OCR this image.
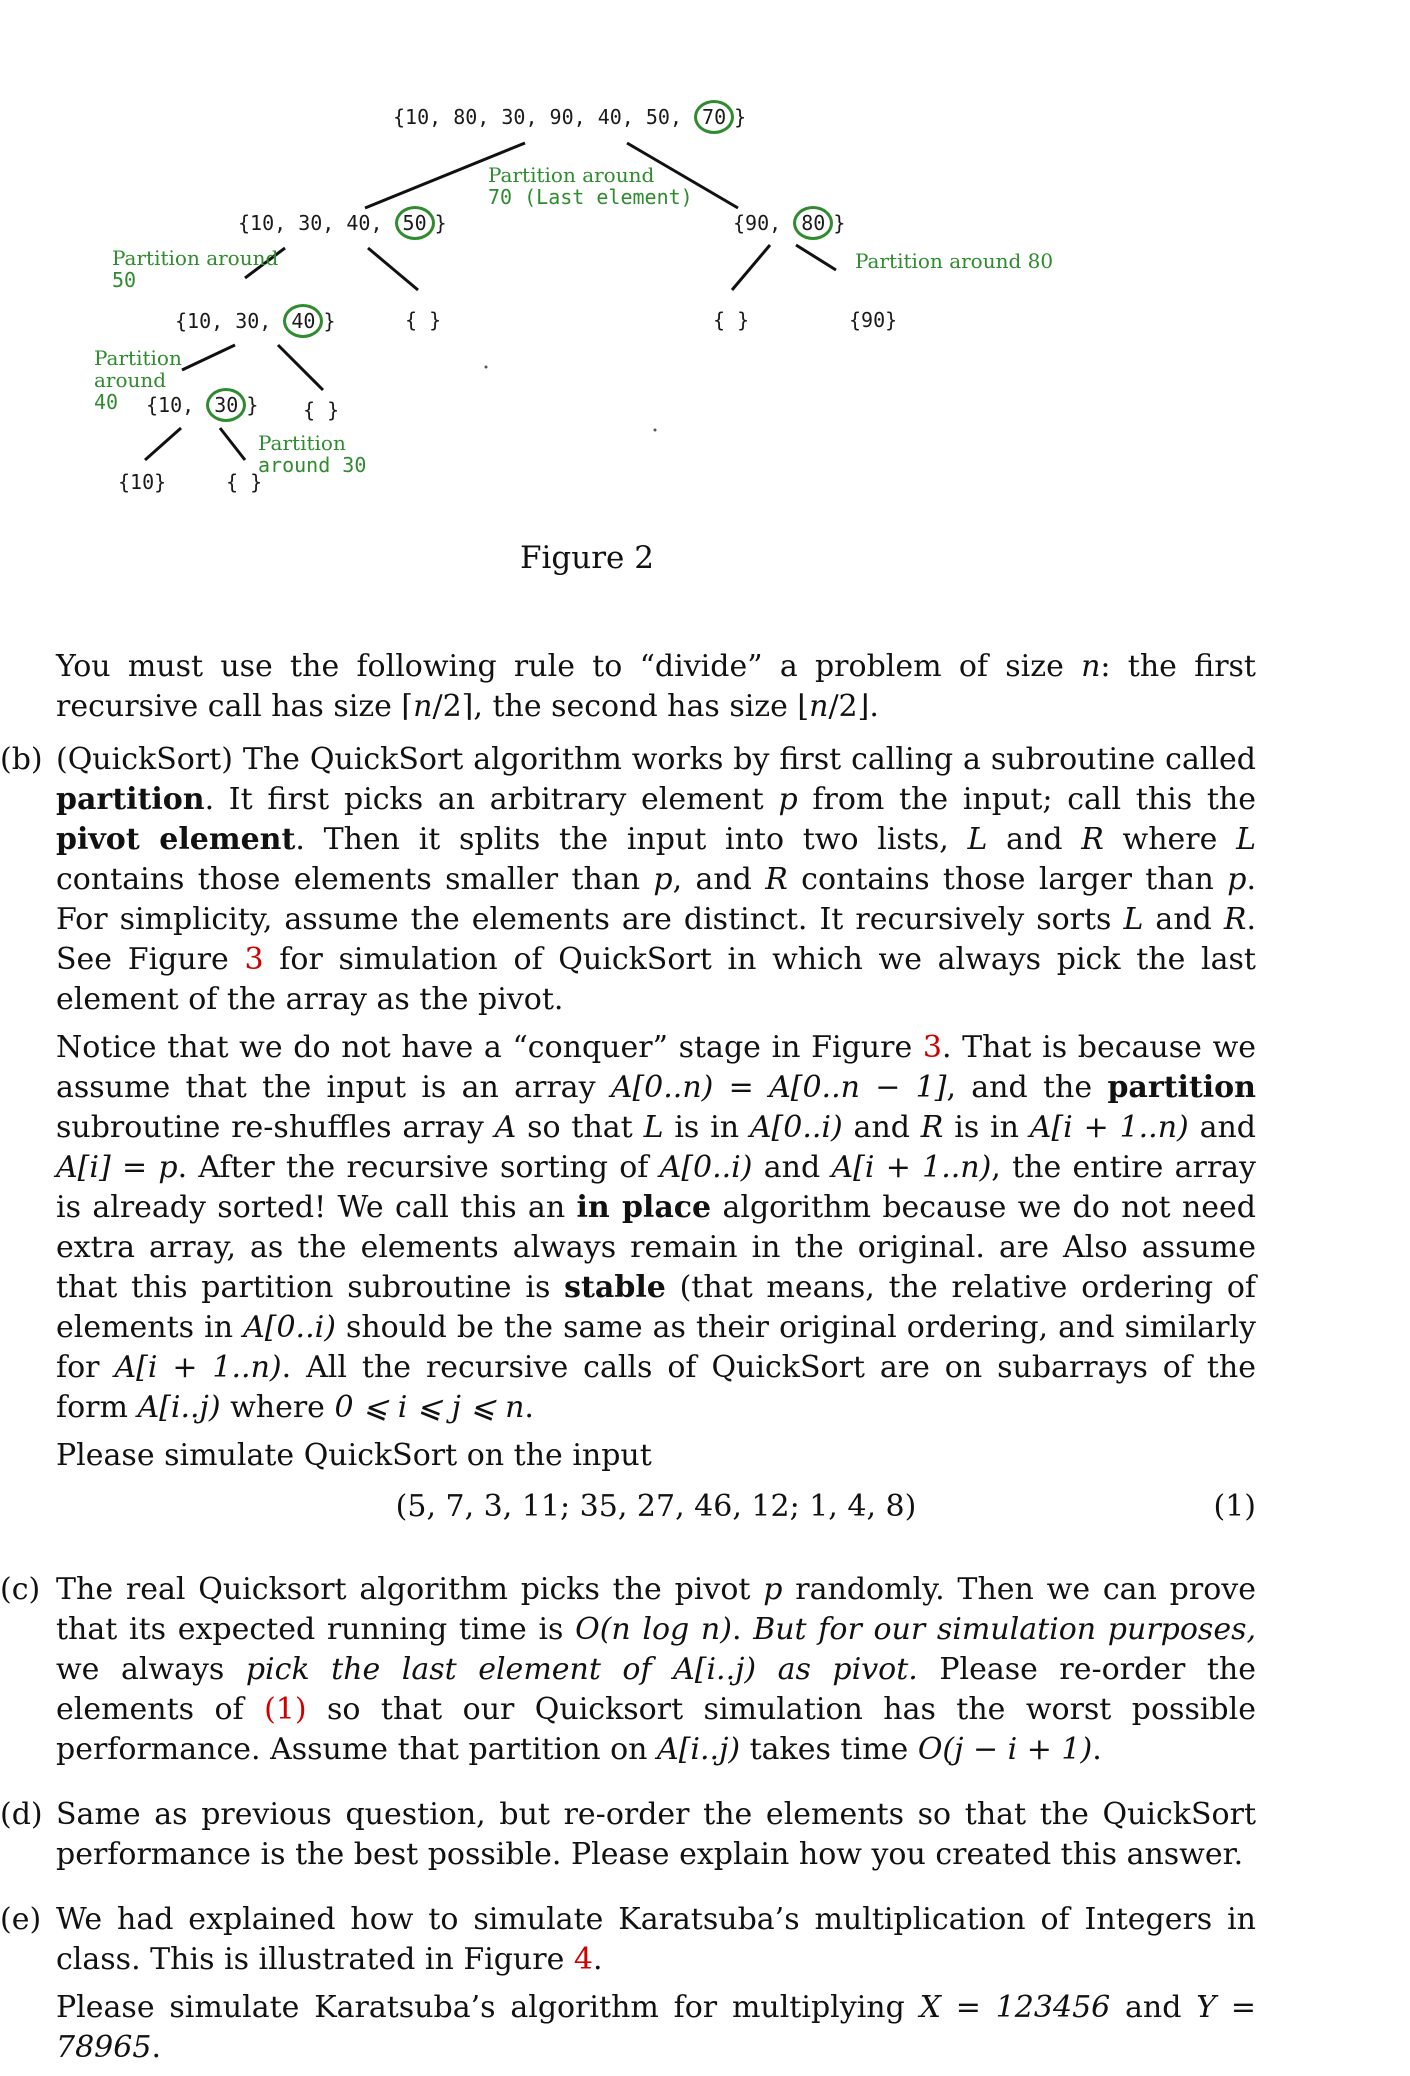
{10, 80, 30, 90, 40, 50, 70 }
Partition around
70 (Last element)
{10, 30, 40, 50 }	{90, 80 }
Partition around
50
Partition around 80
{10, 30, 40 }	{ }	{ }	{90}
Partition
around
40	{10, 30 } { }
Partition
around 30
{10}	{ }
Figure 2
You must use the following rule to “divide” a problem of size n: the first recursive call has size ⌈n/2⌉, the second has size ⌊n/2⌋.
(b) (QuickSort) The QuickSort algorithm works by first calling a subroutine called partition. It first picks an arbitrary element p from the input; call this the pivot element. Then it splits the input into two lists, L and R where L contains those elements smaller than p, and R contains those larger than p. For simplicity, assume the elements are distinct. It recursively sorts L and R. See Figure 3 for simulation of QuickSort in which we always pick the last element of the array as the pivot.

Notice that we do not have a “conquer” stage in Figure 3. That is because we assume that the input is an array A[0..n) = A[0..n − 1], and the partition subroutine re-shuffles array A so that L is in A[0..i) and R is in A[i + 1..n) and A[i] = p. After the recursive sorting of A[0..i) and A[i + 1..n), the entire array is already sorted! We call this an in place algorithm because we do not need extra array, as the elements always remain in the original. are Also assume that this partition subroutine is stable (that means, the relative ordering of elements in A[0..i) should be the same as their original ordering, and similarly for A[i + 1..n). All the recursive calls of QuickSort are on subarrays of the form A[i..j) where 0 ⩽ i ⩽ j ⩽ n.

Please simulate QuickSort on the input

(5, 7, 3, 11; 35, 27, 46, 12; 1, 4, 8)	(1)
(c) The real Quicksort algorithm picks the pivot p randomly. Then we can prove that its expected running time is O(n log n). But for our simulation purposes, we always pick the last element of A[i..j) as pivot. Please re-order the elements of (1) so that our Quicksort simulation has the worst possible performance. Assume that partition on A[i..j) takes time O(j − i + 1).

(d) Same as previous question, but re-order the elements so that the QuickSort performance is the best possible. Please explain how you created this answer.

(e) We had explained how to simulate Karatsuba’s multiplication of Integers in class. This is illustrated in Figure 4.

Please simulate Karatsuba’s algorithm for multiplying X = 123456 and Y = 78965.
